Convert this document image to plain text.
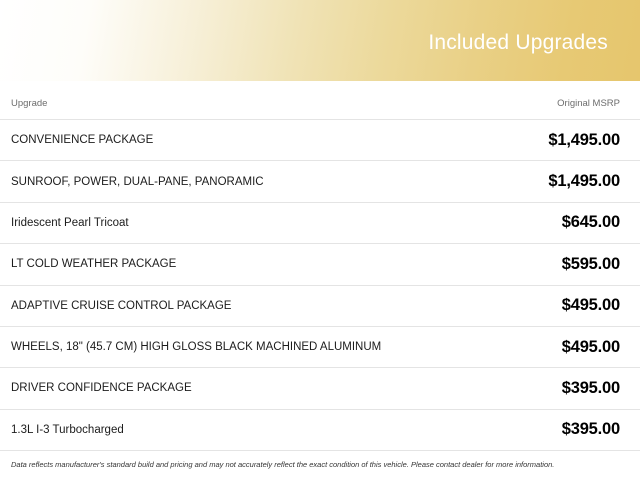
Included Upgrades
Upgrade	Original MSRP
CONVENIENCE PACKAGE	$1,495.00
SUNROOF, POWER, DUAL-PANE, PANORAMIC	$1,495.00
Iridescent Pearl Tricoat	$645.00
LT COLD WEATHER PACKAGE	$595.00
ADAPTIVE CRUISE CONTROL PACKAGE	$495.00
WHEELS, 18" (45.7 CM) HIGH GLOSS BLACK MACHINED ALUMINUM	$495.00
DRIVER CONFIDENCE PACKAGE	$395.00
1.3L I-3 Turbocharged	$395.00
Data reflects manufacturer's standard build and pricing and may not accurately reflect the exact condition of this vehicle. Please contact dealer for more information.
